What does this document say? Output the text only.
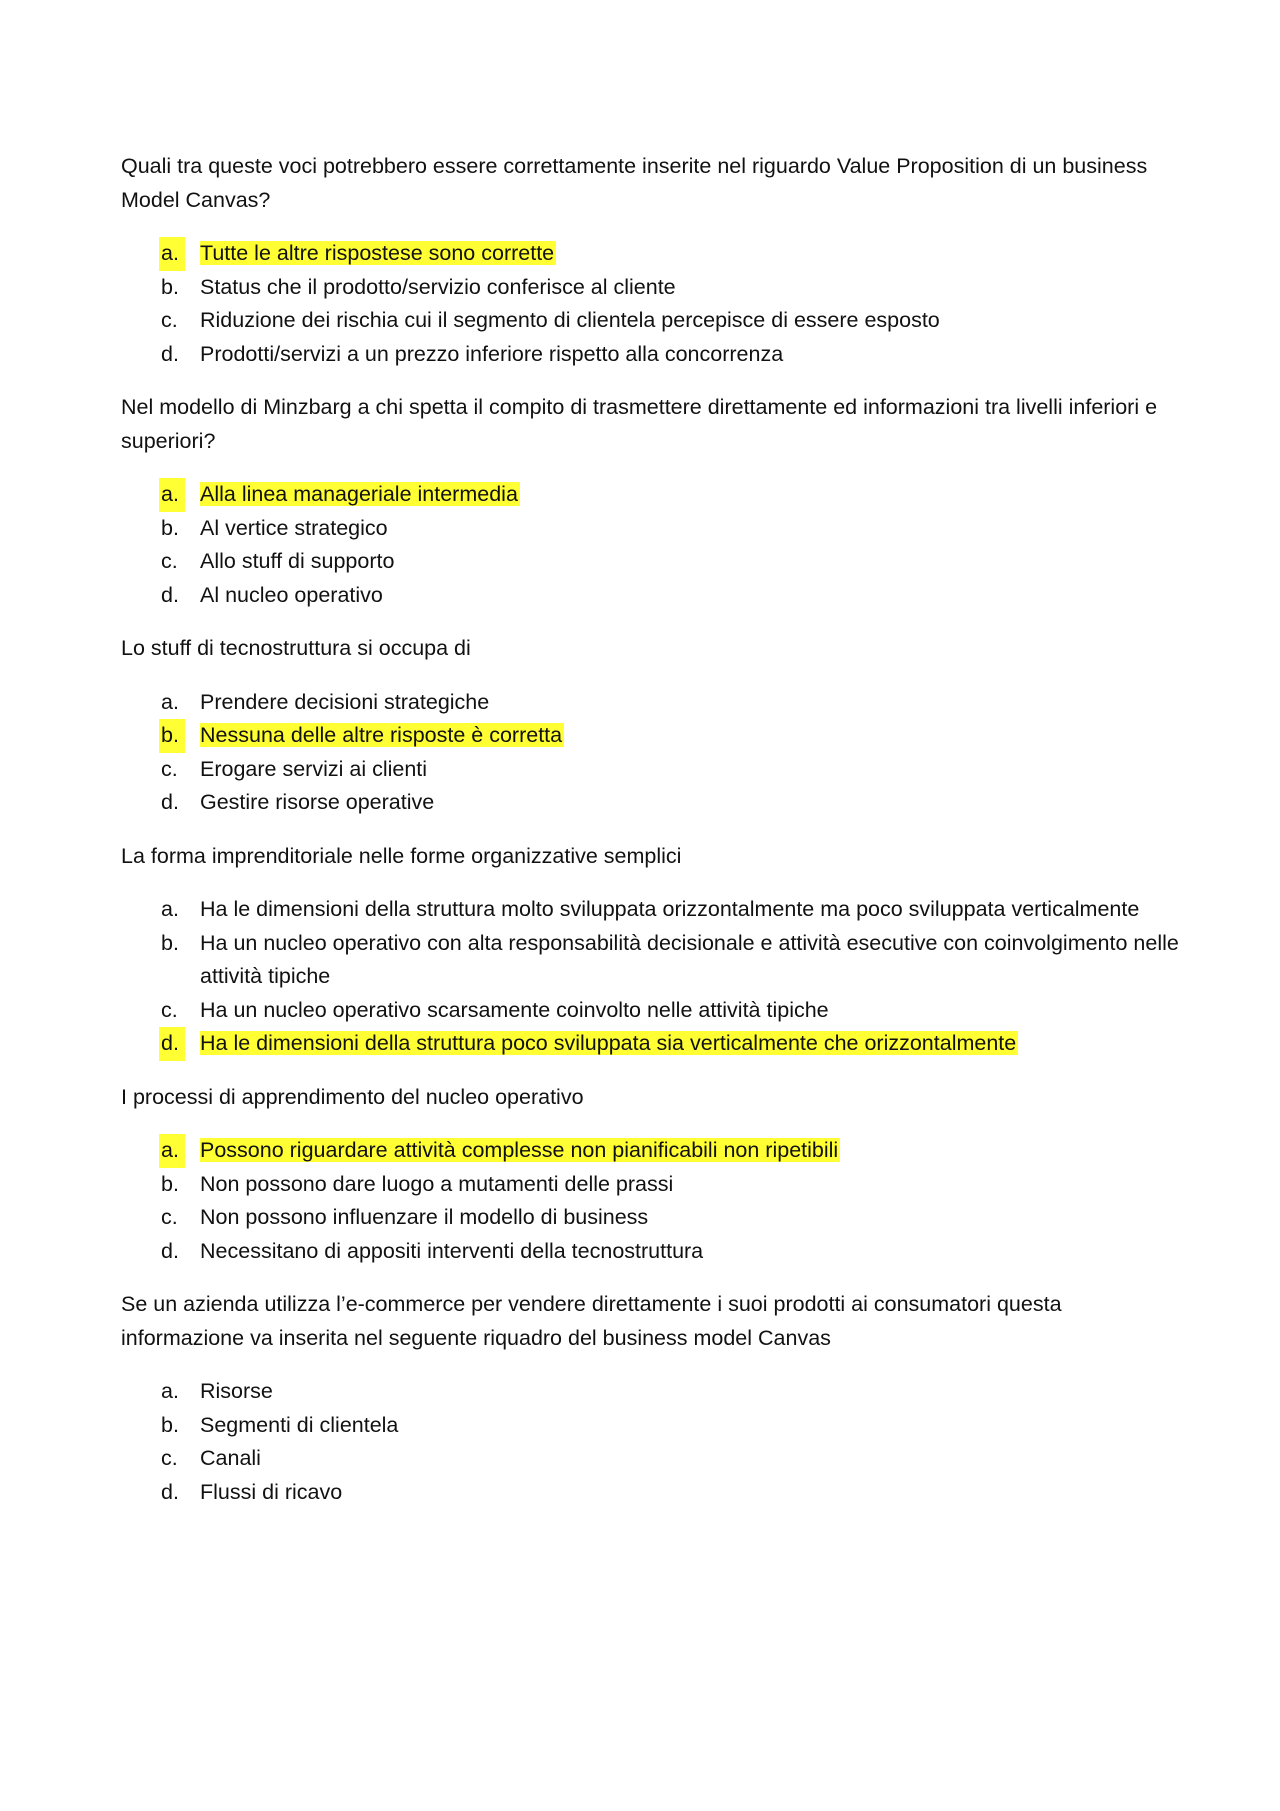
Quali tra queste voci potrebbero essere correttamente inserite nel riguardo Value Proposition di un business Model Canvas?

a. Tutte le altre rispostese sono corrette
b. Status che il prodotto/servizio conferisce al cliente
c. Riduzione dei rischia cui il segmento di clientela percepisce di essere esposto
d. Prodotti/servizi a un prezzo inferiore rispetto alla concorrenza

Nel modello di Minzbarg a chi spetta il compito di trasmettere direttamente ed informazioni tra livelli inferiori e superiori?

a. Alla linea manageriale intermedia
b. Al vertice strategico
c. Allo stuff di supporto
d. Al nucleo operativo

Lo stuff di tecnostruttura si occupa di

a. Prendere decisioni strategiche
b. Nessuna delle altre risposte è corretta
c. Erogare servizi ai clienti
d. Gestire risorse operative

La forma imprenditoriale nelle forme organizzative semplici

a. Ha le dimensioni della struttura molto sviluppata orizzontalmente ma poco sviluppata verticalmente
b. Ha un nucleo operativo con alta responsabilità decisionale e attività esecutive con coinvolgimento nelle attività tipiche
c. Ha un nucleo operativo scarsamente coinvolto nelle attività tipiche
d. Ha le dimensioni della struttura poco sviluppata sia verticalmente che orizzontalmente

I processi di apprendimento del nucleo operativo

a. Possono riguardare attività complesse non pianificabili non ripetibili
b. Non possono dare luogo a mutamenti delle prassi
c. Non possono influenzare il modello di business
d. Necessitano di appositi interventi della tecnostruttura

Se un azienda utilizza l’e-commerce per vendere direttamente i suoi prodotti ai consumatori questa informazione va inserita nel seguente riquadro del business model Canvas

a. Risorse
b. Segmenti di clientela
c. Canali
d. Flussi di ricavo
